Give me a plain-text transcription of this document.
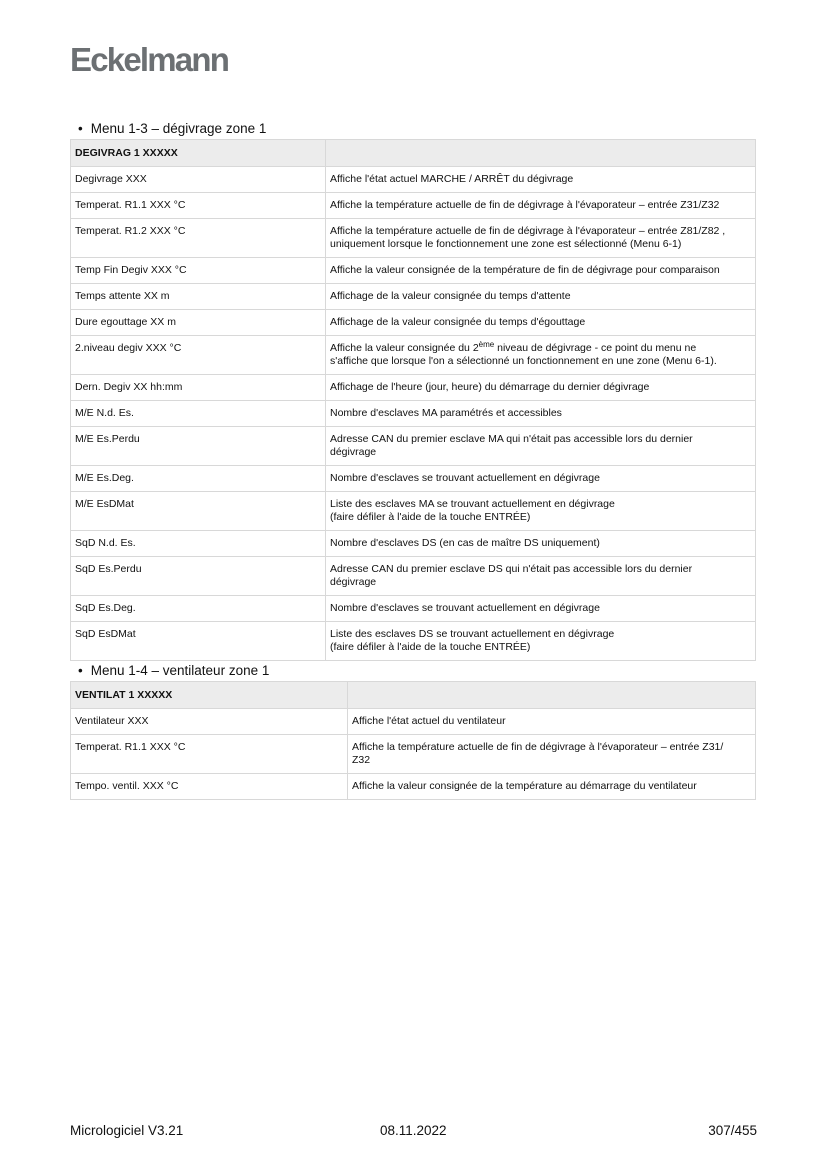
Eckelmann
• Menu 1-3 – dégivrage zone 1
DEGIVRAG 1 XXXXX	
Degivrage XXX	Affiche l'état actuel MARCHE / ARRÊT du dégivrage
Temperat. R1.1 XXX °C	Affiche la température actuelle de fin de dégivrage à l'évaporateur – entrée Z31/Z32
Temperat. R1.2 XXX °C	Affiche la température actuelle de fin de dégivrage à l'évaporateur – entrée Z81/Z82 ,
uniquement lorsque le fonctionnement une zone est sélectionné (Menu 6-1)
Temp Fin Degiv XXX °C	Affiche la valeur consignée de la température de fin de dégivrage pour comparaison
Temps attente XX m	Affichage de la valeur consignée du temps d'attente
Dure egouttage XX m	Affichage de la valeur consignée du temps d'égouttage
2.niveau degiv XXX °C	Affiche la valeur consignée du 2ème niveau de dégivrage - ce point du menu ne
s'affiche que lorsque l'on a sélectionné un fonctionnement en une zone (Menu 6-1).
Dern. Degiv XX hh:mm	Affichage de l'heure (jour, heure) du démarrage du dernier dégivrage
M/E N.d. Es.	Nombre d'esclaves MA paramétrés et accessibles
M/E Es.Perdu	Adresse CAN du premier esclave MA qui n'était pas accessible lors du dernier
dégivrage
M/E Es.Deg.	Nombre d'esclaves se trouvant actuellement en dégivrage
M/E EsDMat	Liste des esclaves MA se trouvant actuellement en dégivrage
(faire défiler à l'aide de la touche ENTRÉE)
SqD N.d. Es.	Nombre d'esclaves DS (en cas de maître DS uniquement)
SqD Es.Perdu	Adresse CAN du premier esclave DS qui n'était pas accessible lors du dernier
dégivrage
SqD Es.Deg.	Nombre d'esclaves se trouvant actuellement en dégivrage
SqD EsDMat	Liste des esclaves DS se trouvant actuellement en dégivrage
(faire défiler à l'aide de la touche ENTRÉE)
• Menu 1-4 – ventilateur zone 1
VENTILAT 1 XXXXX	
Ventilateur XXX	Affiche l'état actuel du ventilateur
Temperat. R1.1 XXX °C	Affiche la température actuelle de fin de dégivrage à l'évaporateur – entrée Z31/
Z32
Tempo. ventil. XXX °C	Affiche la valeur consignée de la température au démarrage du ventilateur
Micrologiciel V3.21	08.11.2022	307/455
